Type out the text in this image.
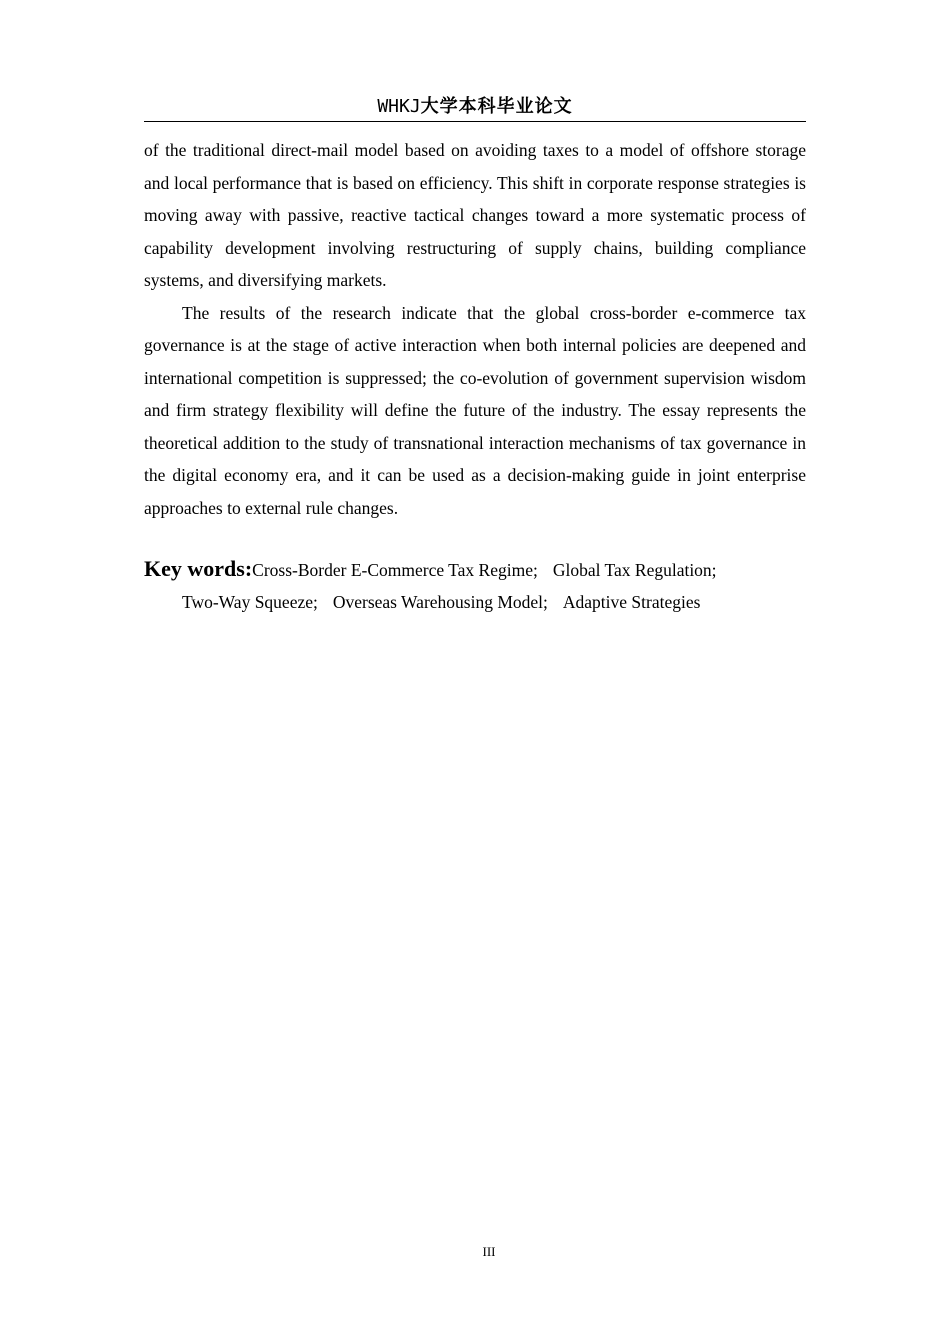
WHKJ大学本科毕业论文

of the traditional direct-mail model based on avoiding taxes to a model of offshore storage and local performance that is based on efficiency. This shift in corporate response strategies is moving away with passive, reactive tactical changes toward a more systematic process of capability development involving restructuring of supply chains, building compliance systems, and diversifying markets.

The results of the research indicate that the global cross-border e-commerce tax governance is at the stage of active interaction when both internal policies are deepened and international competition is suppressed; the co-evolution of government supervision wisdom and firm strategy flexibility will define the future of the industry. The essay represents the theoretical addition to the study of transnational interaction mechanisms of tax governance in the digital economy era, and it can be used as a decision-making guide in joint enterprise approaches to external rule changes.

Key words:Cross-Border E-Commerce Tax Regime; Global Tax Regulation;
Two-Way Squeeze; Overseas Warehousing Model; Adaptive Strategies
III
